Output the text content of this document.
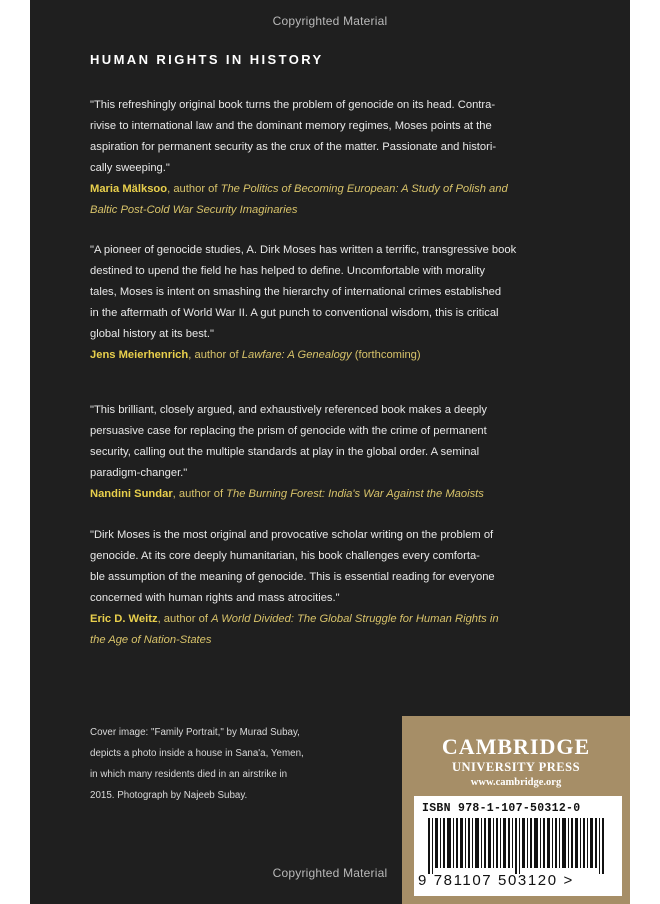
Copyrighted Material
HUMAN RIGHTS IN HISTORY

"This refreshingly original book turns the problem of genocide on its head. Contra-

rivise to international law and the dominant memory regimes, Moses points at the

aspiration for permanent security as the crux of the matter. Passionate and histori-

cally sweeping."

Maria Mälksoo, author of The Politics of Becoming European: A Study of Polish and

Baltic Post-Cold War Security Imaginaries

"A pioneer of genocide studies, A. Dirk Moses has written a terrific, transgressive book

destined to upend the field he has helped to define. Uncomfortable with morality

tales, Moses is intent on smashing the hierarchy of international crimes established

in the aftermath of World War II. A gut punch to conventional wisdom, this is critical

global history at its best."

Jens Meierhenrich, author of Lawfare: A Genealogy (forthcoming)

"This brilliant, closely argued, and exhaustively referenced book makes a deeply

persuasive case for replacing the prism of genocide with the crime of permanent

security, calling out the multiple standards at play in the global order. A seminal

paradigm-changer."

Nandini Sundar, author of The Burning Forest: India's War Against the Maoists

"Dirk Moses is the most original and provocative scholar writing on the problem of

genocide. At its core deeply humanitarian, his book challenges every comforta-

ble assumption of the meaning of genocide. This is essential reading for everyone

concerned with human rights and mass atrocities."

Eric D. Weitz, author of A World Divided: The Global Struggle for Human Rights in

the Age of Nation-States

Cover image: "Family Portrait," by Murad Subay,
depicts a photo inside a house in Sana'a, Yemen,
in which many residents died in an airstrike in
2015. Photograph by Najeeb Subay.
CAMBRIDGE
UNIVERSITY PRESS
www.cambridge.org
ISBN 978-1-107-50312-0
9 781107 503120 >
Copyrighted Material
